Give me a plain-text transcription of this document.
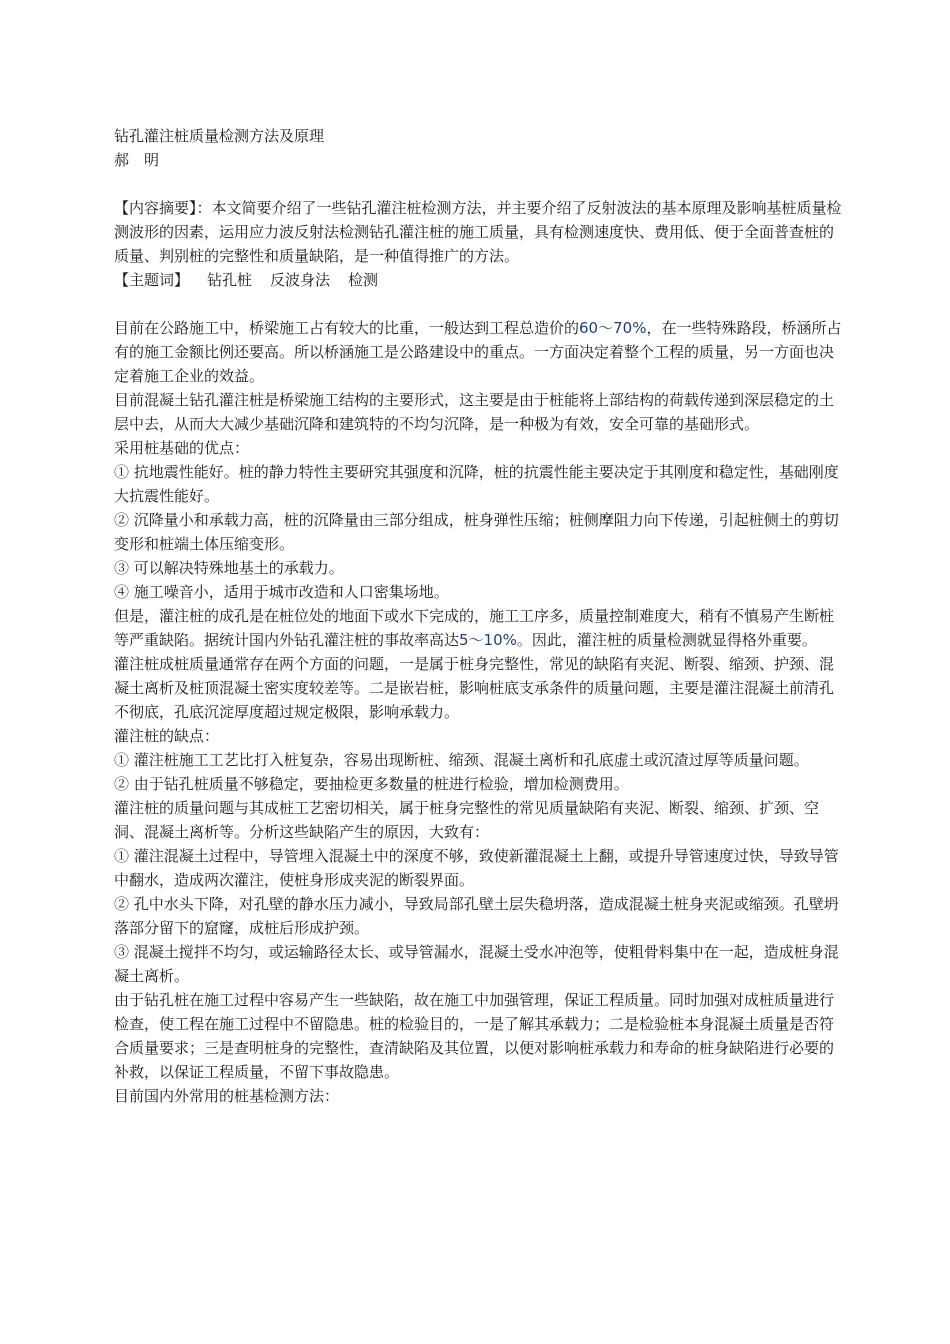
钻孔灌注桩质量检测方法及原理
郝　明

【内容摘要】：本文简要介绍了一些钻孔灌注桩检测方法，并主要介绍了反射波法的基本原理及影响基桩质量检测波形的因素，运用应力波反射法检测钻孔灌注桩的施工质量，具有检测速度快、费用低、便于全面普查桩的质量、判别桩的完整性和质量缺陷，是一种值得推广的方法。

【主题词】 钻孔桩 反波身法 检测

目前在公路施工中，桥梁施工占有较大的比重，一般达到工程总造价的60～70%，在一些特殊路段，桥涵所占有的施工金额比例还要高。所以桥涵施工是公路建设中的重点。一方面决定着整个工程的质量，另一方面也决定着施工企业的效益。

目前混凝土钻孔灌注桩是桥梁施工结构的主要形式，这主要是由于桩能将上部结构的荷载传递到深层稳定的土层中去，从而大大减少基础沉降和建筑特的不均匀沉降，是一种极为有效，安全可靠的基础形式。

采用桩基础的优点：

① 抗地震性能好。桩的静力特性主要研究其强度和沉降，桩的抗震性能主要决定于其刚度和稳定性，基础刚度大抗震性能好。

② 沉降量小和承载力高，桩的沉降量由三部分组成，桩身弹性压缩；桩侧摩阻力向下传递，引起桩侧土的剪切变形和桩端土体压缩变形。

③ 可以解决特殊地基土的承载力。

④ 施工噪音小，适用于城市改造和人口密集场地。

但是，灌注桩的成孔是在桩位处的地面下或水下完成的，施工工序多，质量控制难度大，稍有不慎易产生断桩等严重缺陷。据统计国内外钻孔灌注桩的事故率高达5～10%。因此，灌注桩的质量检测就显得格外重要。

灌注桩成桩质量通常存在两个方面的问题，一是属于桩身完整性，常见的缺陷有夹泥、断裂、缩颈、护颈、混凝土离析及桩顶混凝土密实度较差等。二是嵌岩桩，影响桩底支承条件的质量问题，主要是灌注混凝土前清孔不彻底，孔底沉淀厚度超过规定极限，影响承载力。

灌注桩的缺点：

① 灌注桩施工工艺比打入桩复杂，容易出现断桩、缩颈、混凝土离析和孔底虚土或沉渣过厚等质量问题。

② 由于钻孔桩质量不够稳定，要抽检更多数量的桩进行检验，增加检测费用。

灌注桩的质量问题与其成桩工艺密切相关，属于桩身完整性的常见质量缺陷有夹泥、断裂、缩颈、扩颈、空洞、混凝土离析等。分析这些缺陷产生的原因，大致有：

① 灌注混凝土过程中，导管埋入混凝土中的深度不够，致使新灌混凝土上翻，或提升导管速度过快，导致导管中翻水，造成两次灌注，使桩身形成夹泥的断裂界面。

② 孔中水头下降，对孔壁的静水压力减小，导致局部孔壁土层失稳坍落，造成混凝土桩身夹泥或缩颈。孔壁坍落部分留下的窟窿，成桩后形成护颈。

③ 混凝土搅拌不均匀，或运输路径太长、或导管漏水，混凝土受水冲泡等，使粗骨料集中在一起，造成桩身混凝土离析。

由于钻孔桩在施工过程中容易产生一些缺陷，故在施工中加强管理，保证工程质量。同时加强对成桩质量进行检查，使工程在施工过程中不留隐患。桩的检验目的，一是了解其承载力；二是检验桩本身混凝土质量是否符合质量要求；三是查明桩身的完整性，查清缺陷及其位置，以便对影响桩承载力和寿命的桩身缺陷进行必要的补救，以保证工程质量，不留下事故隐患。

目前国内外常用的桩基检测方法：
